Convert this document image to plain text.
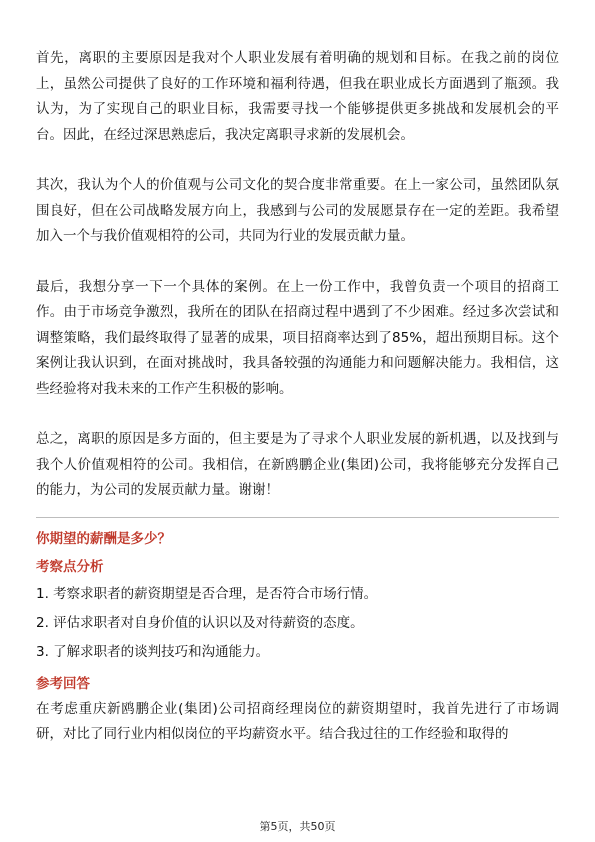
首先，离职的主要原因是我对个人职业发展有着明确的规划和目标。在我之前的岗位上，虽然公司提供了良好的工作环境和福利待遇，但我在职业成长方面遇到了瓶颈。我认为，为了实现自己的职业目标，我需要寻找一个能够提供更多挑战和发展机会的平台。因此，在经过深思熟虑后，我决定离职寻求新的发展机会。

其次，我认为个人的价值观与公司文化的契合度非常重要。在上一家公司，虽然团队氛围良好，但在公司战略发展方向上，我感到与公司的发展愿景存在一定的差距。我希望加入一个与我价值观相符的公司，共同为行业的发展贡献力量。

最后，我想分享一下一个具体的案例。在上一份工作中，我曾负责一个项目的招商工作。由于市场竞争激烈，我所在的团队在招商过程中遇到了不少困难。经过多次尝试和调整策略，我们最终取得了显著的成果，项目招商率达到了85%，超出预期目标。这个案例让我认识到，在面对挑战时，我具备较强的沟通能力和问题解决能力。我相信，这些经验将对我未来的工作产生积极的影响。

总之，离职的原因是多方面的，但主要是为了寻求个人职业发展的新机遇，以及找到与我个人价值观相符的公司。我相信，在新鸥鹏企业(集团)公司，我将能够充分发挥自己的能力，为公司的发展贡献力量。谢谢！

你期望的薪酬是多少？

考察点分析

1. 考察求职者的薪资期望是否合理，是否符合市场行情。

2. 评估求职者对自身价值的认识以及对待薪资的态度。

3. 了解求职者的谈判技巧和沟通能力。

参考回答

在考虑重庆新鸥鹏企业(集团)公司招商经理岗位的薪资期望时，我首先进行了市场调研，对比了同行业内相似岗位的平均薪资水平。结合我过往的工作经验和取得的

第5页，共50页
